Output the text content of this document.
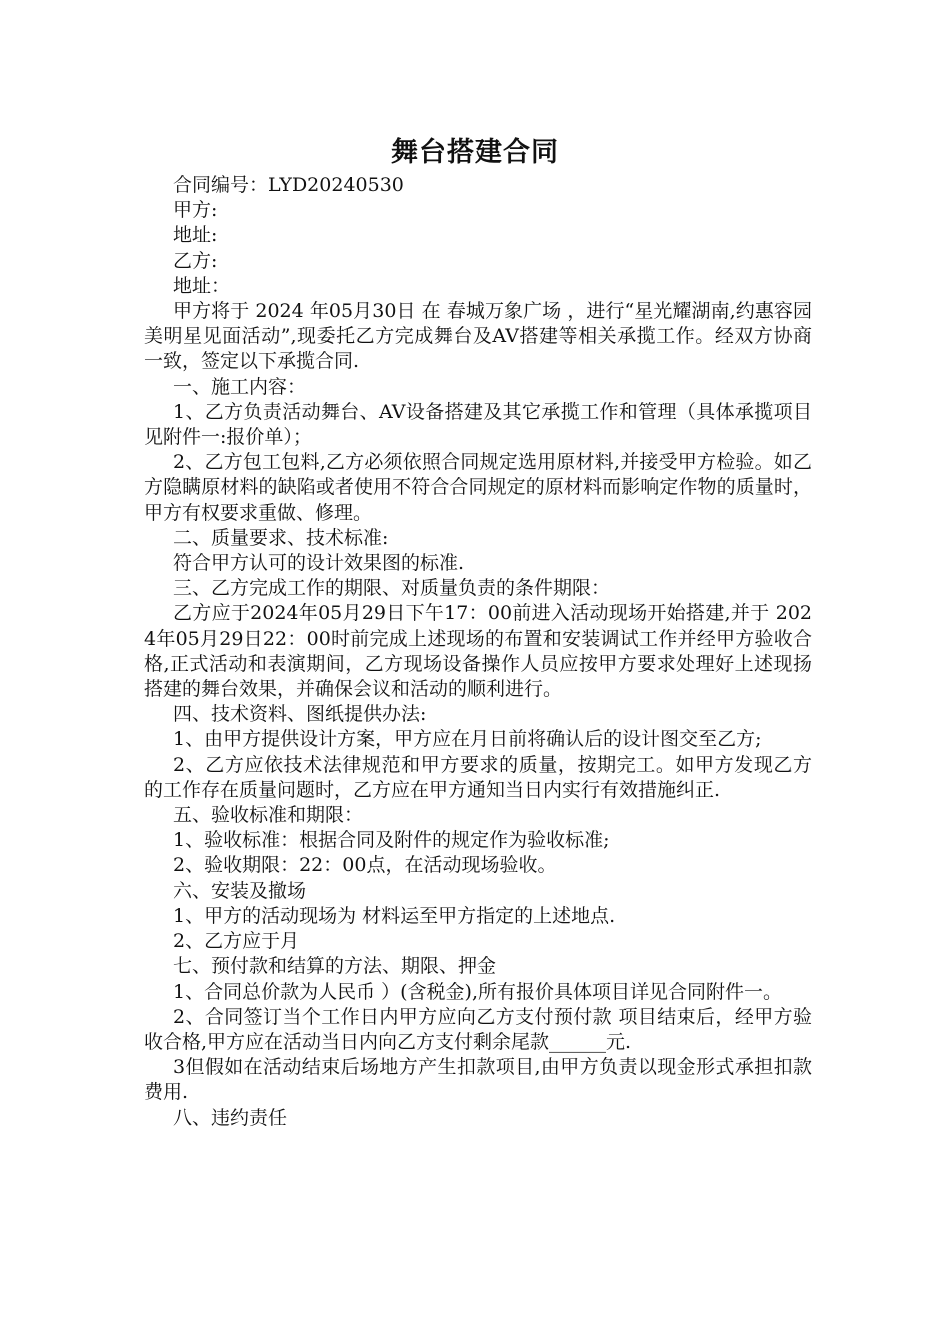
舞台搭建合同

合同编号：LYD20240530

甲方:

地址:

乙方:

地址：

甲方将于 2024 年05月30日 在 春城万象广场 ，进行“星光耀湖南,约惠容园美明星见面活动”,现委托乙方完成舞台及AV搭建等相关承揽工作。经双方协商一致，签定以下承揽合同.

一、施工内容：

1、乙方负责活动舞台、AV设备搭建及其它承揽工作和管理（具体承揽项目见附件一:报价单）；

2、乙方包工包料,乙方必须依照合同规定选用原材料,并接受甲方检验。如乙方隐瞒原材料的缺陷或者使用不符合合同规定的原材料而影响定作物的质量时，甲方有权要求重做、修理。

二、质量要求、技术标准:

符合甲方认可的设计效果图的标准.

三、乙方完成工作的期限、对质量负责的条件期限：

乙方应于2024年05月29日下午17：00前进入活动现场开始搭建,并于 2024年05月29日22：00时前完成上述现场的布置和安装调试工作并经甲方验收合格,正式活动和表演期间，乙方现场设备操作人员应按甲方要求处理好上述现扬搭建的舞台效果，并确保会议和活动的顺利进行。

四、技术资料、图纸提供办法:

1、由甲方提供设计方案，甲方应在月日前将确认后的设计图交至乙方;

2、乙方应依技术法律规范和甲方要求的质量，按期完工。如甲方发现乙方的工作存在质量问题时，乙方应在甲方通知当日内实行有效措施纠正.

五、验收标准和期限：

1、验收标准：根据合同及附件的规定作为验收标准;

2、验收期限：22：00点，在活动现场验收。

六、安装及撤场

1、甲方的活动现场为 材料运至甲方指定的上述地点.

2、乙方应于月

七、预付款和结算的方法、期限、押金

1、合同总价款为人民币 ）(含税金),所有报价具体项目详见合同附件一。

2、合同签订当个工作日内甲方应向乙方支付预付款 项目结束后，经甲方验收合格,甲方应在活动当日内向乙方支付剩余尾款______元.

3但假如在活动结束后场地方产生扣款项目,由甲方负责以现金形式承担扣款费用.

八、违约责任
